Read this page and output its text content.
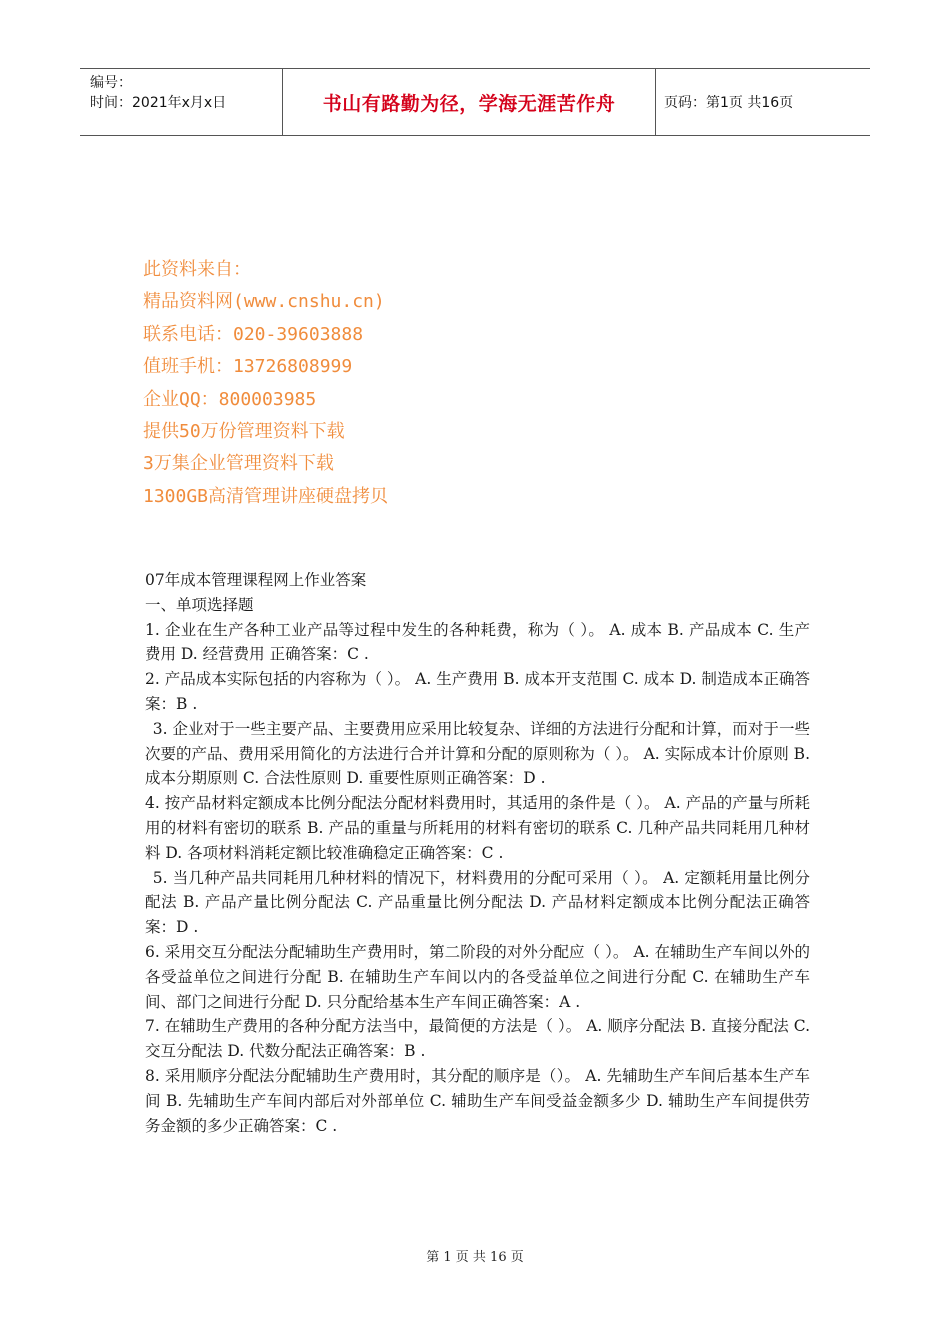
编号：
时间：2021年x月x日	书山有路勤为径，学海无涯苦作舟	页码：第1页 共16页
此资料来自：
精品资料网(www.cnshu.cn)
联系电话：020-39603888
值班手机：13726808999
企业QQ：800003985
提供50万份管理资料下载
3万集企业管理资料下载
1300GB高清管理讲座硬盘拷贝

07年成本管理课程网上作业答案

一、单项选择题

1. 企业在生产各种工业产品等过程中发生的各种耗费，称为（ ）。 A. 成本 B. 产品成本 C. 生产费用 D. 经营费用 正确答案：C .

2. 产品成本实际包括的内容称为（ ）。 A. 生产费用 B. 成本开支范围 C. 成本 D. 制造成本正确答案：B .

3. 企业对于一些主要产品、主要费用应采用比较复杂、详细的方法进行分配和计算，而对于一些次要的产品、费用采用简化的方法进行合并计算和分配的原则称为（ ）。 A. 实际成本计价原则 B. 成本分期原则 C. 合法性原则 D. 重要性原则正确答案：D .

4. 按产品材料定额成本比例分配法分配材料费用时，其适用的条件是（ ）。 A. 产品的产量与所耗用的材料有密切的联系 B. 产品的重量与所耗用的材料有密切的联系 C. 几种产品共同耗用几种材料 D. 各项材料消耗定额比较准确稳定正确答案：C .

5. 当几种产品共同耗用几种材料的情况下，材料费用的分配可采用（ ）。 A. 定额耗用量比例分配法 B. 产品产量比例分配法 C. 产品重量比例分配法 D. 产品材料定额成本比例分配法正确答案：D .

6. 采用交互分配法分配辅助生产费用时，第二阶段的对外分配应（ ）。 A. 在辅助生产车间以外的各受益单位之间进行分配 B. 在辅助生产车间以内的各受益单位之间进行分配 C. 在辅助生产车间、部门之间进行分配 D. 只分配给基本生产车间正确答案：A .

7. 在辅助生产费用的各种分配方法当中，最简便的方法是（ ）。 A. 顺序分配法 B. 直接分配法 C. 交互分配法 D. 代数分配法正确答案：B .

8. 采用顺序分配法分配辅助生产费用时，其分配的顺序是（）。 A. 先辅助生产车间后基本生产车间 B. 先辅助生产车间内部后对外部单位 C. 辅助生产车间受益金额多少 D. 辅助生产车间提供劳务金额的多少正确答案：C .

第 1 页 共 16 页
